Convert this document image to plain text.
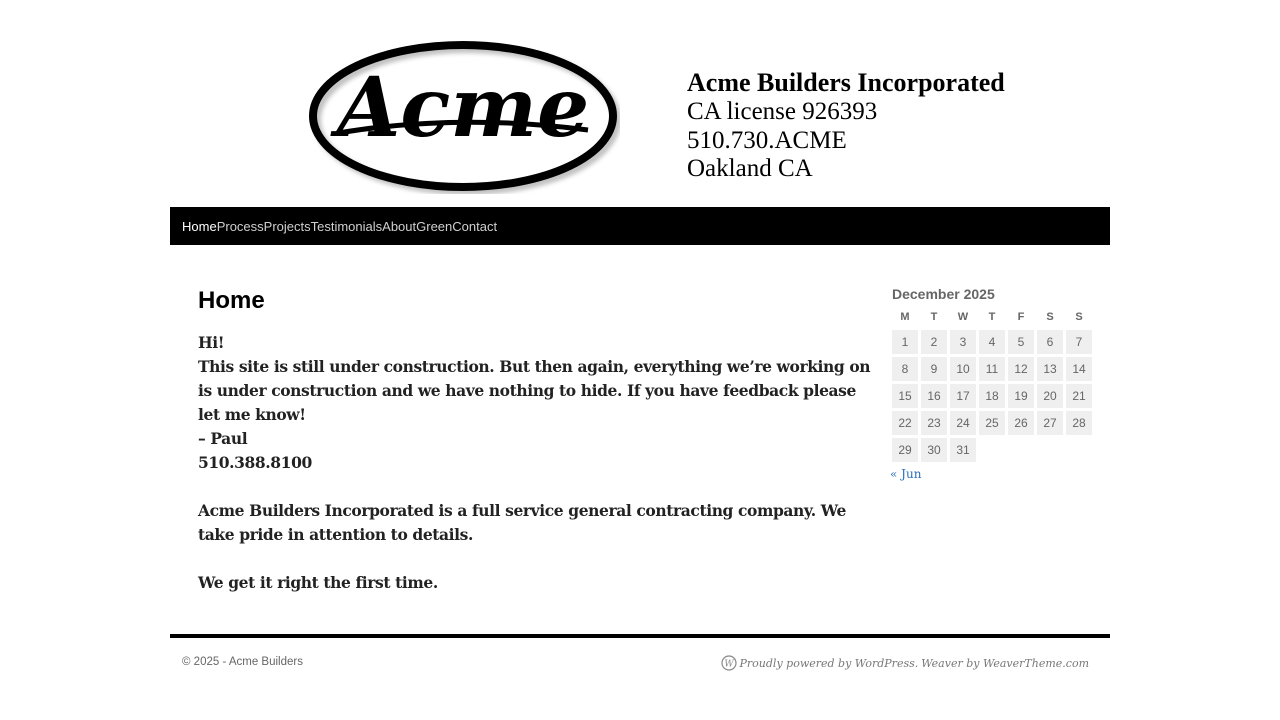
Acme	Acme Builders Incorporated
CA license 926393
510.730.ACME
Oakland CA
Home Process Projects Testimonials About Green Contact
Home

Hi!
This site is still under construction. But then again, everything we’re working on is under construction and we have nothing to hide. If you have feedback please let me know!
– Paul
510.388.8100

Acme Builders Incorporated is a full service general contracting company. We take pride in attention to details.

We get it right the first time.

December 2025
M	T	W	T	F	S	S
1	2	3	4	5	6	7
8	9	10	11	12	13	14
15	16	17	18	19	20	21
22	23	24	25	26	27	28
29	30	31				
« Jun
© 2025 - Acme Builders	W Proudly powered by WordPress. Weaver by WeaverTheme.com
